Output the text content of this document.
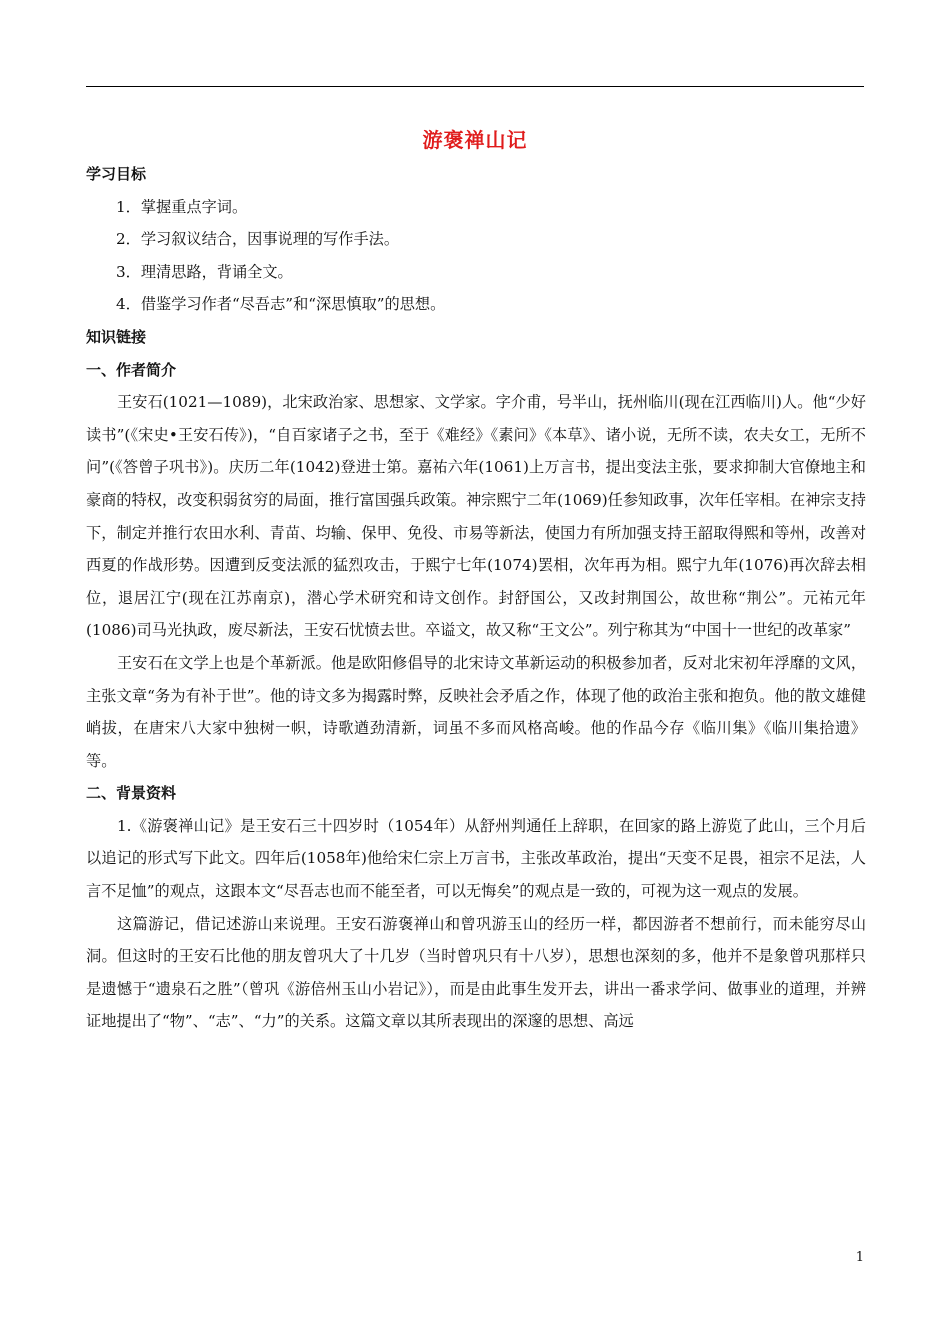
游褒禅山记

学习目标

1．掌握重点字词。

2．学习叙议结合，因事说理的写作手法。

3．理清思路，背诵全文。

4．借鉴学习作者“尽吾志”和“深思慎取”的思想。

知识链接

一、作者简介

王安石(1021—1089)，北宋政治家、思想家、文学家。字介甫，号半山，抚州临川(现在江西临川)人。他“少好读书”(《宋史•王安石传》)，“自百家诸子之书，至于《难经》《素问》《本草》、诸小说，无所不读，农夫女工，无所不问”(《答曾子巩书》)。庆历二年(1042)登进士第。嘉祐六年(1061)上万言书，提出变法主张，要求抑制大官僚地主和豪商的特权，改变积弱贫穷的局面，推行富国强兵政策。神宗熙宁二年(1069)任参知政事，次年任宰相。在神宗支持下，制定并推行农田水利、青苗、均输、保甲、免役、市易等新法，使国力有所加强支持王韶取得熙和等州，改善对西夏的作战形势。因遭到反变法派的猛烈攻击，于熙宁七年(1074)罢相，次年再为相。熙宁九年(1076)再次辞去相位，退居江宁(现在江苏南京)，潜心学术研究和诗文创作。封舒国公，又改封荆国公，故世称“荆公”。元祐元年(1086)司马光执政，废尽新法，王安石忧愤去世。卒谥文，故又称“王文公”。列宁称其为“中国十一世纪的改革家”

王安石在文学上也是个革新派。他是欧阳修倡导的北宋诗文革新运动的积极参加者，反对北宋初年浮靡的文风，主张文章“务为有补于世”。他的诗文多为揭露时弊，反映社会矛盾之作，体现了他的政治主张和抱负。他的散文雄健峭拔，在唐宋八大家中独树一帜，诗歌遒劲清新，词虽不多而风格高峻。他的作品今存《临川集》《临川集拾遗》等。

二、背景资料

1.《游褒禅山记》是王安石三十四岁时（1054年）从舒州判通任上辞职，在回家的路上游览了此山，三个月后以追记的形式写下此文。四年后(1058年)他给宋仁宗上万言书，主张改革政治，提出“天变不足畏，祖宗不足法，人言不足恤”的观点，这跟本文“尽吾志也而不能至者，可以无悔矣”的观点是一致的，可视为这一观点的发展。

这篇游记，借记述游山来说理。王安石游褒禅山和曾巩游玉山的经历一样，都因游者不想前行，而未能穷尽山洞。但这时的王安石比他的朋友曾巩大了十几岁（当时曾巩只有十八岁），思想也深刻的多，他并不是象曾巩那样只是遗憾于“遗泉石之胜”（曾巩《游倍州玉山小岩记》），而是由此事生发开去，讲出一番求学问、做事业的道理，并辨证地提出了“物”、“志”、“力”的关系。这篇文章以其所表现出的深邃的思想、高远

1
